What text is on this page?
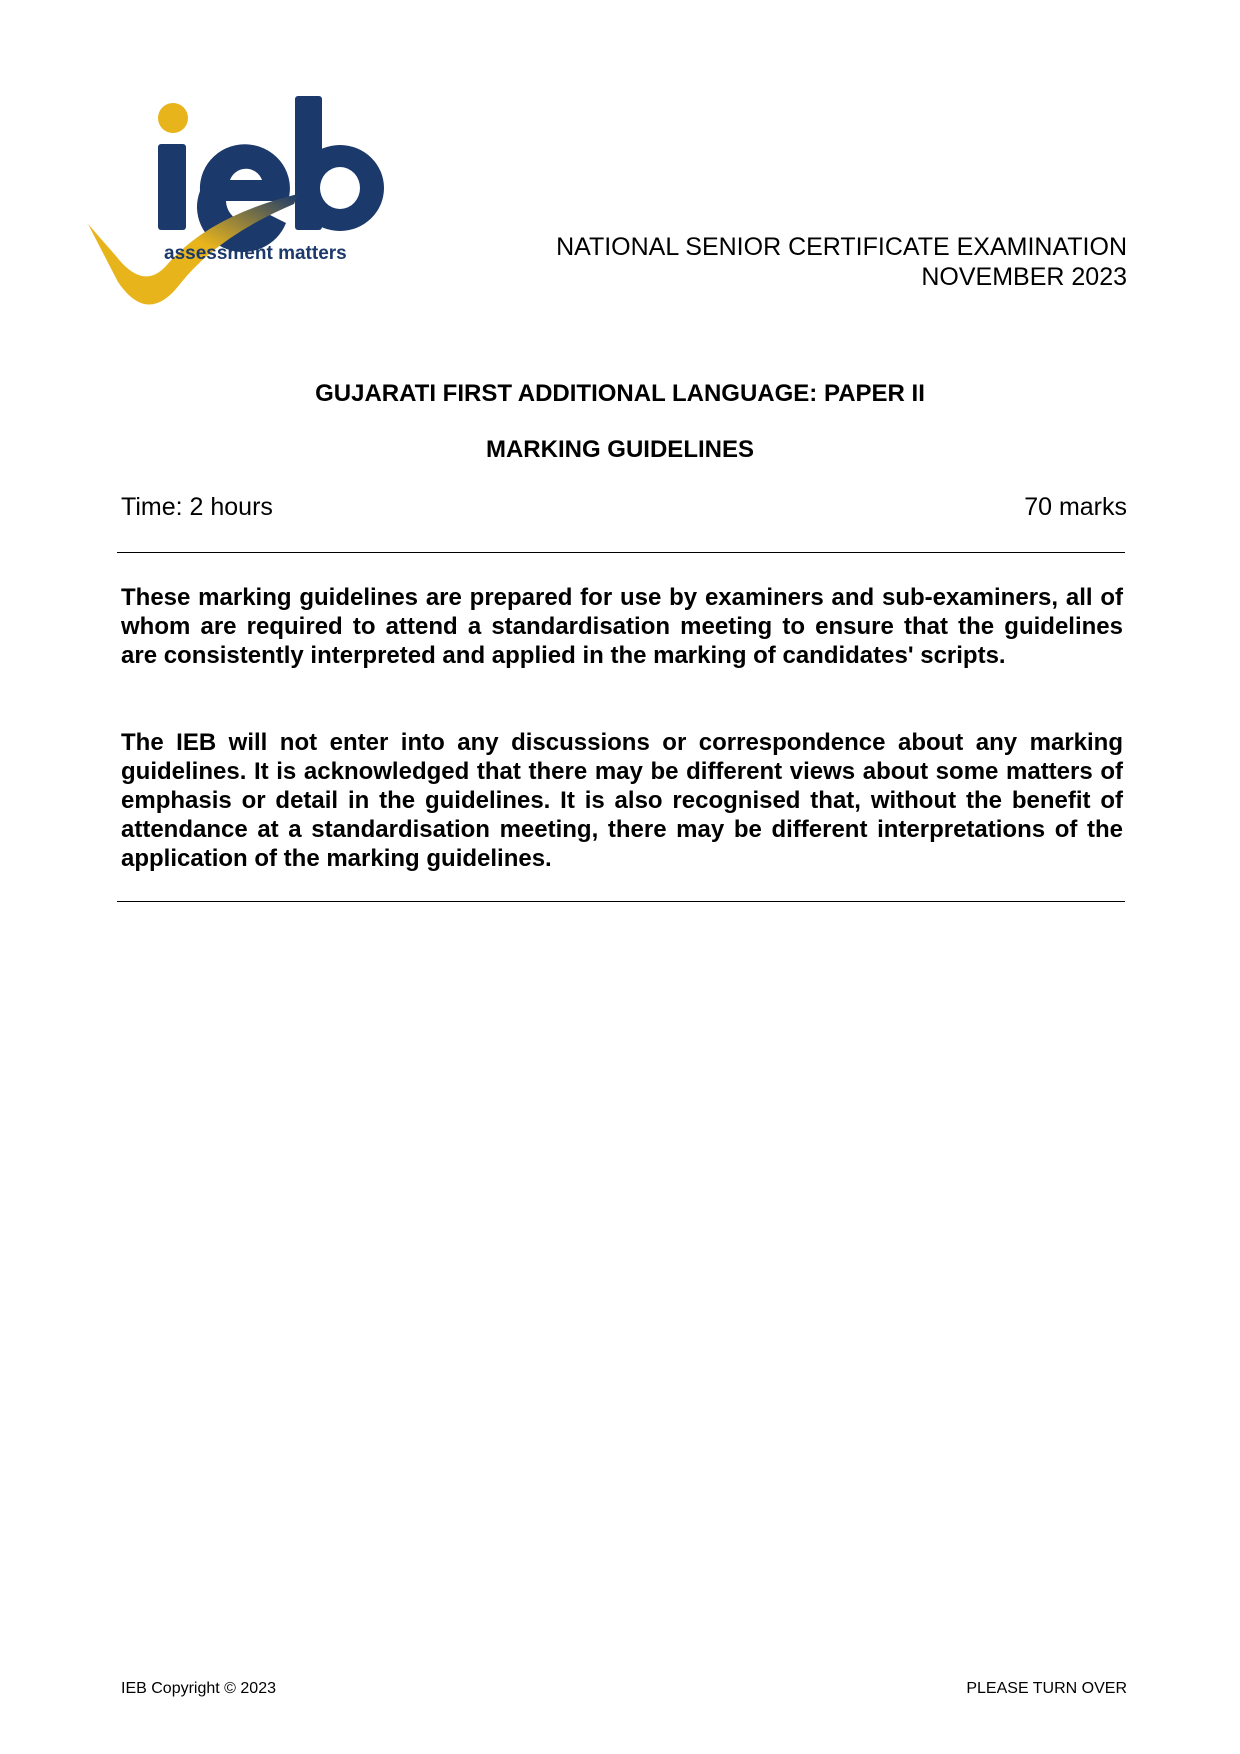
assessment matters	NATIONAL SENIOR CERTIFICATE EXAMINATION
NOVEMBER 2023
GUJARATI FIRST ADDITIONAL LANGUAGE: PAPER II
MARKING GUIDELINES
Time: 2 hours	70 marks
These marking guidelines are prepared for use by examiners and sub-examiners, all of whom are required to attend a standardisation meeting to ensure that the guidelines are consistently interpreted and applied in the marking of candidates' scripts.
The IEB will not enter into any discussions or correspondence about any marking guidelines. It is acknowledged that there may be different views about some matters of emphasis or detail in the guidelines. It is also recognised that, without the benefit of attendance at a standardisation meeting, there may be different interpretations of the application of the marking guidelines.
IEB Copyright © 2023	PLEASE TURN OVER
